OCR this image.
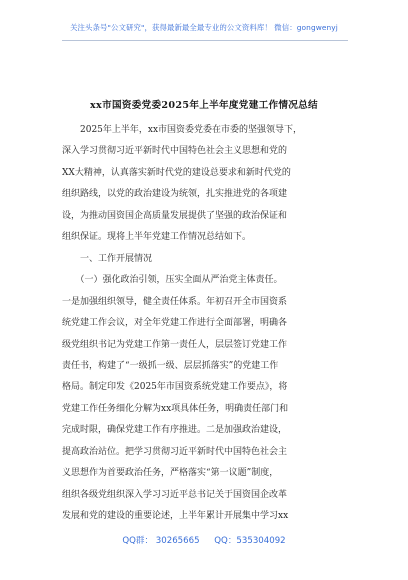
关注头条号"公文研究"，获得最新最全最专业的公文资料库！ 微信：gongwenyj
xx市国资委党委2025年上半年度党建工作情况总结

　　2025年上半年，xx市国资委党委在市委的坚强领导下，

深入学习贯彻习近平新时代中国特色社会主义思想和党的

XX大精神，认真落实新时代党的建设总要求和新时代党的

组织路线，以党的政治建设为统领，扎实推进党的各项建

设，为推动国资国企高质量发展提供了坚强的政治保证和

组织保证。现将上半年党建工作情况总结如下。

　　一、工作开展情况

　　（一）强化政治引领，压实全面从严治党主体责任。

一是加强组织领导，健全责任体系。年初召开全市国资系

统党建工作会议，对全年党建工作进行全面部署，明确各

级党组织书记为党建工作第一责任人，层层签订党建工作

责任书，构建了“一级抓一级、层层抓落实”的党建工作

格局。制定印发《2025年市国资系统党建工作要点》，将

党建工作任务细化分解为xx项具体任务，明确责任部门和

完成时限，确保党建工作有序推进。二是加强政治建设，

提高政治站位。把学习贯彻习近平新时代中国特色社会主

义思想作为首要政治任务，严格落实“第一议题”制度，

组织各级党组织深入学习习近平总书记关于国资国企改革

发展和党的建设的重要论述，上半年累计开展集中学习xx

QQ群： 30265665 QQ：535304092
